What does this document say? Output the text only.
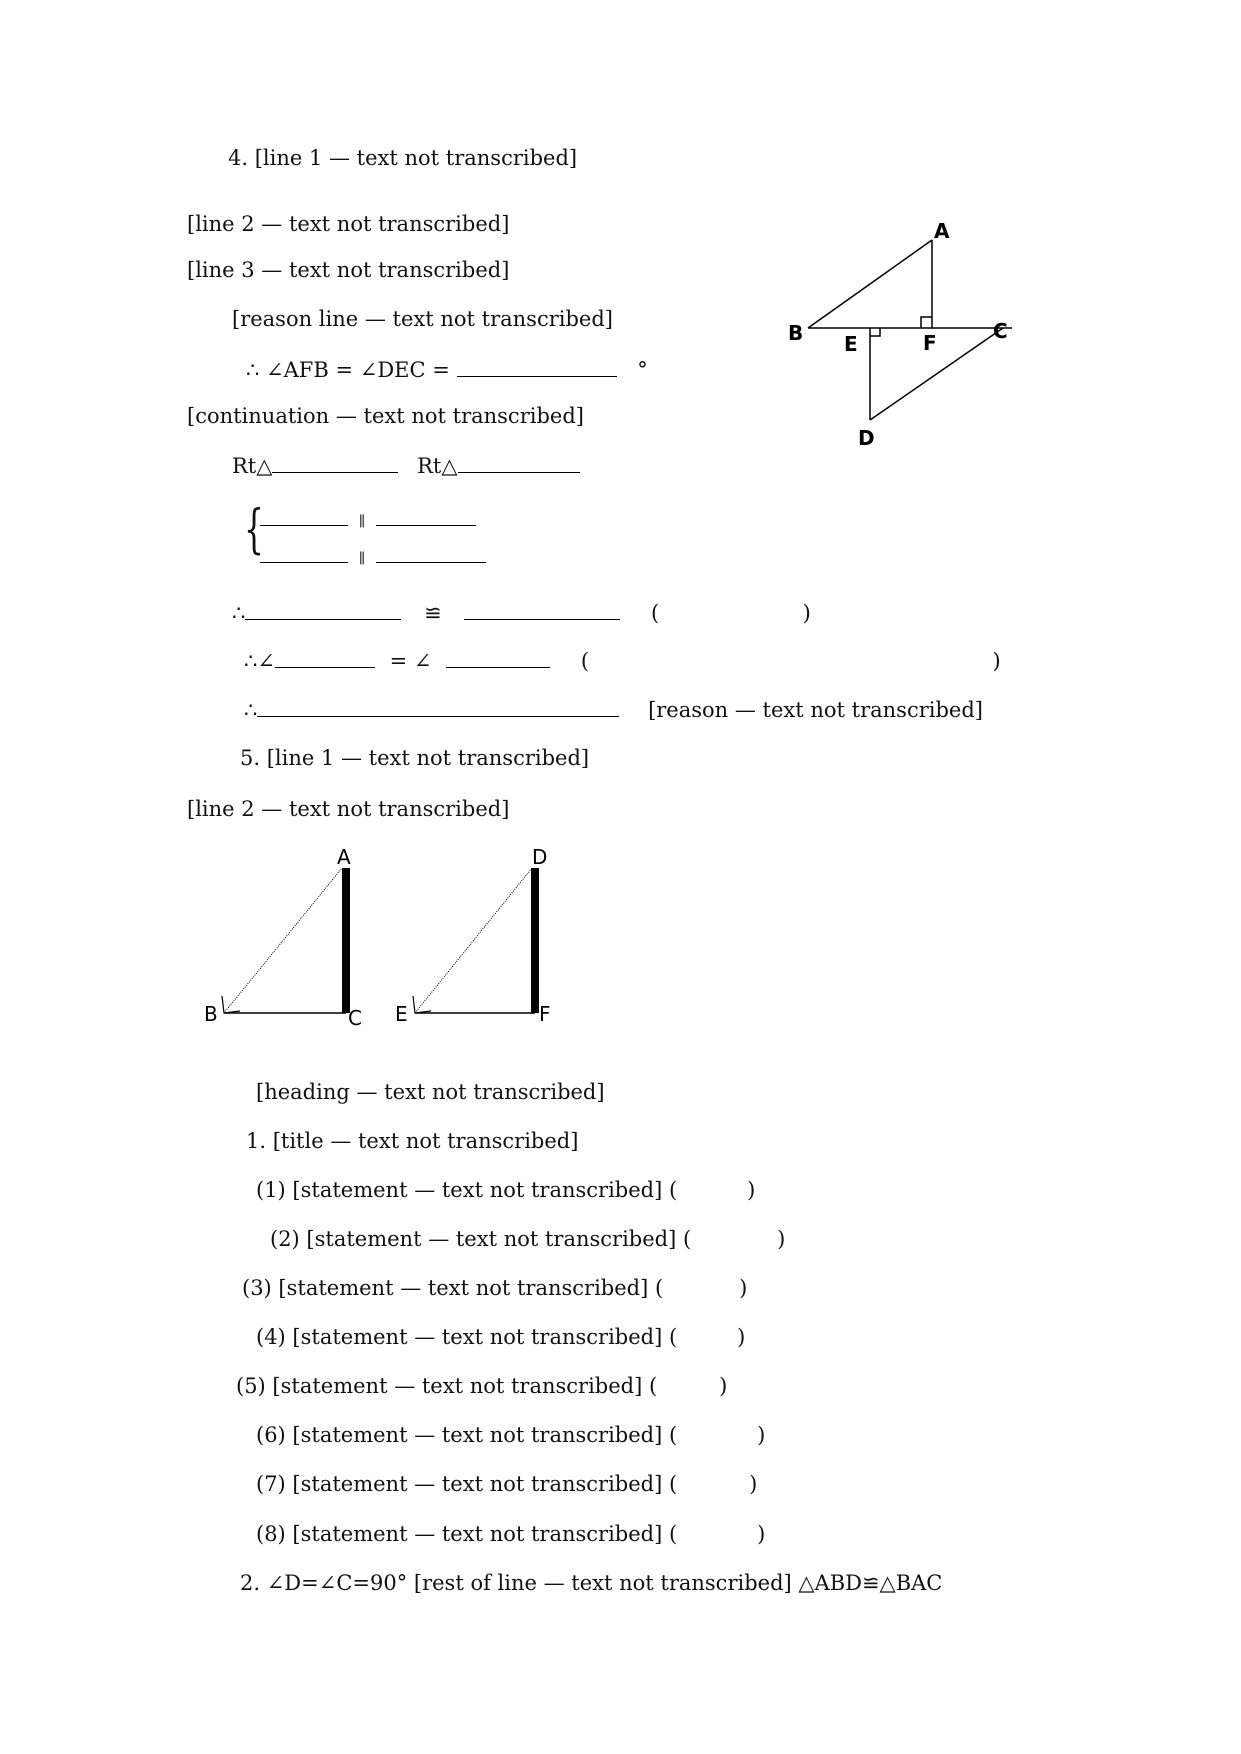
4. [line 1 — text not transcribed]
[line 2 — text not transcribed]
[line 3 — text not transcribed]
[reason line — text not transcribed]
∴ ∠AFB = ∠DEC =	°
[continuation — text not transcribed]
Rt△	Rt△
{	∥
∥
∴	≌	(	)
∴∠	= ∠	(	)
∴	[reason — text not transcribed]
A
B	C
D
E	F
5. [line 1 — text not transcribed]
[line 2 — text not transcribed]
A
B	C
D
E	F
[heading — text not transcribed]
1. [title — text not transcribed]
(1) [statement — text not transcribed] (	)
(2) [statement — text not transcribed] (	)
(3) [statement — text not transcribed] (	)
(4) [statement — text not transcribed] (	)
(5) [statement — text not transcribed] (	)
(6) [statement — text not transcribed] (	)
(7) [statement — text not transcribed] (	)
(8) [statement — text not transcribed] (	)
2. ∠D=∠C=90° [rest of line — text not transcribed] △ABD≌△BAC
